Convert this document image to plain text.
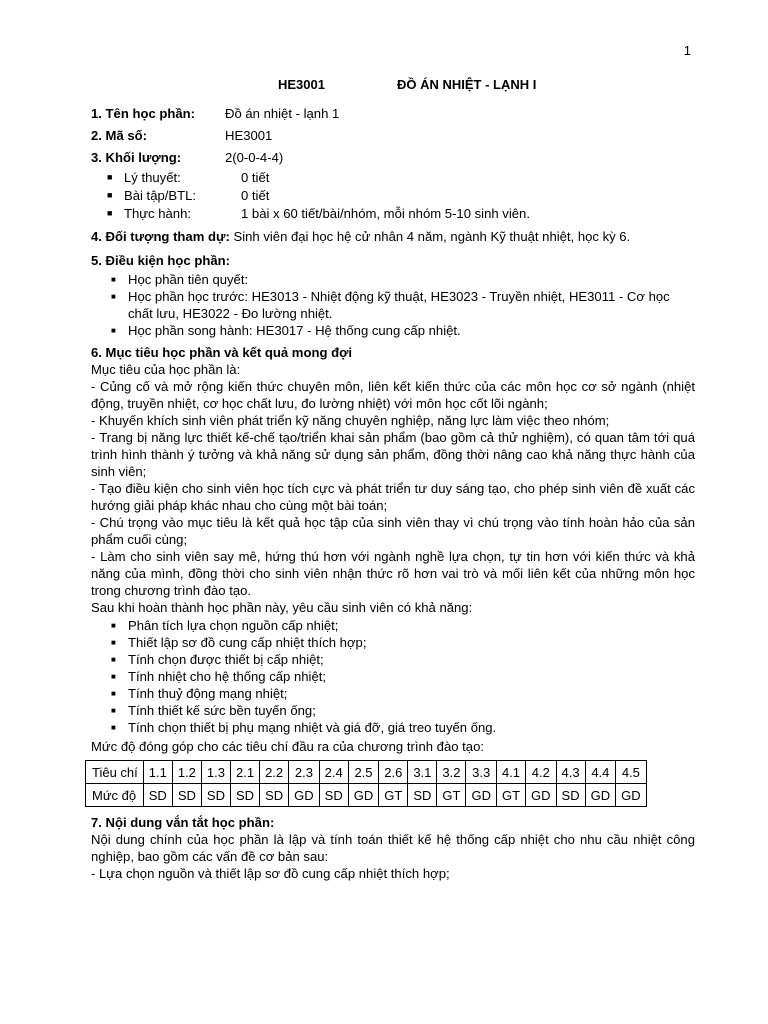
1
HE3001	ĐỒ ÁN NHIỆT - LẠNH I
1. Tên học phần:	Đồ án nhiệt - lạnh 1
2. Mã số:	HE3001
3. Khối lượng:	2(0-0-4-4)
■ Lý thuyết:	0 tiết
■ Bài tập/BTL:	0 tiết
■ Thực hành:	1 bài x 60 tiết/bài/nhóm, mỗi nhóm 5-10 sinh viên.
4. Đối tượng tham dự: Sinh viên đại học hệ cử nhân 4 năm, ngành Kỹ thuật nhiệt, học kỳ 6.
5. Điều kiện học phần:
■ Học phần tiên quyết:
■ Học phần học trước: HE3013 - Nhiệt động kỹ thuật, HE3023 - Truyền nhiệt, HE3011 - Cơ học chất lưu, HE3022 - Đo lường nhiệt.
■ Học phần song hành: HE3017 - Hệ thống cung cấp nhiệt.
6. Mục tiêu học phần và kết quả mong đợi

Mục tiêu của học phần là:

- Củng cố và mở rộng kiến thức chuyên môn, liên kết kiến thức của các môn học cơ sở ngành (nhiệt động, truyền nhiệt, cơ học chất lưu, đo lường nhiệt) với môn học cốt lõi ngành;

- Khuyến khích sinh viên phát triển kỹ năng chuyên nghiệp, năng lực làm việc theo nhóm;

- Trang bị năng lực thiết kế-chế tạo/triển khai sản phẩm (bao gồm cả thử nghiệm), có quan tâm tới quá trình hình thành ý tưởng và khả năng sử dụng sản phẩm, đồng thời nâng cao khả năng thực hành của sinh viên;

- Tạo điều kiện cho sinh viên học tích cực và phát triển tư duy sáng tạo, cho phép sinh viên đề xuất các hướng giải pháp khác nhau cho cùng một bài toán;

- Chú trọng vào mục tiêu là kết quả học tập của sinh viên thay vì chú trọng vào tính hoàn hảo của sản phẩm cuối cùng;

- Làm cho sinh viên say mê, hứng thú hơn với ngành nghề lựa chọn, tự tin hơn với kiến thức và khả năng của mình, đồng thời cho sinh viên nhận thức rõ hơn vai trò và mối liên kết của những môn học trong chương trình đào tạo.

Sau khi hoàn thành học phần này, yêu cầu sinh viên có khả năng:

■ Phân tích lựa chọn nguồn cấp nhiệt;
■ Thiết lập sơ đồ cung cấp nhiệt thích hợp;
■ Tính chọn được thiết bị cấp nhiệt;
■ Tính nhiệt cho hệ thống cấp nhiệt;
■ Tính thuỷ động mạng nhiệt;
■ Tính thiết kế sức bền tuyến ống;
■ Tính chọn thiết bị phụ mạng nhiệt và giá đỡ, giá treo tuyến ống.

Mức độ đóng góp cho các tiêu chí đầu ra của chương trình đào tạo:

Tiêu chí	1.1	1.2	1.3	2.1	2.2	2.3	2.4	2.5	2.6	3.1	3.2	3.3	4.1	4.2	4.3	4.4	4.5
Mức độ	SD	SD	SD	SD	SD	GD	SD	GD	GT	SD	GT	GD	GT	GD	SD	GD	GD
7. Nội dung vắn tắt học phần:

Nội dung chính của học phần là lập và tính toán thiết kế hệ thống cấp nhiệt cho nhu cầu nhiệt công nghiệp, bao gồm các vấn đề cơ bản sau:

- Lựa chọn nguồn và thiết lập sơ đồ cung cấp nhiệt thích hợp;
